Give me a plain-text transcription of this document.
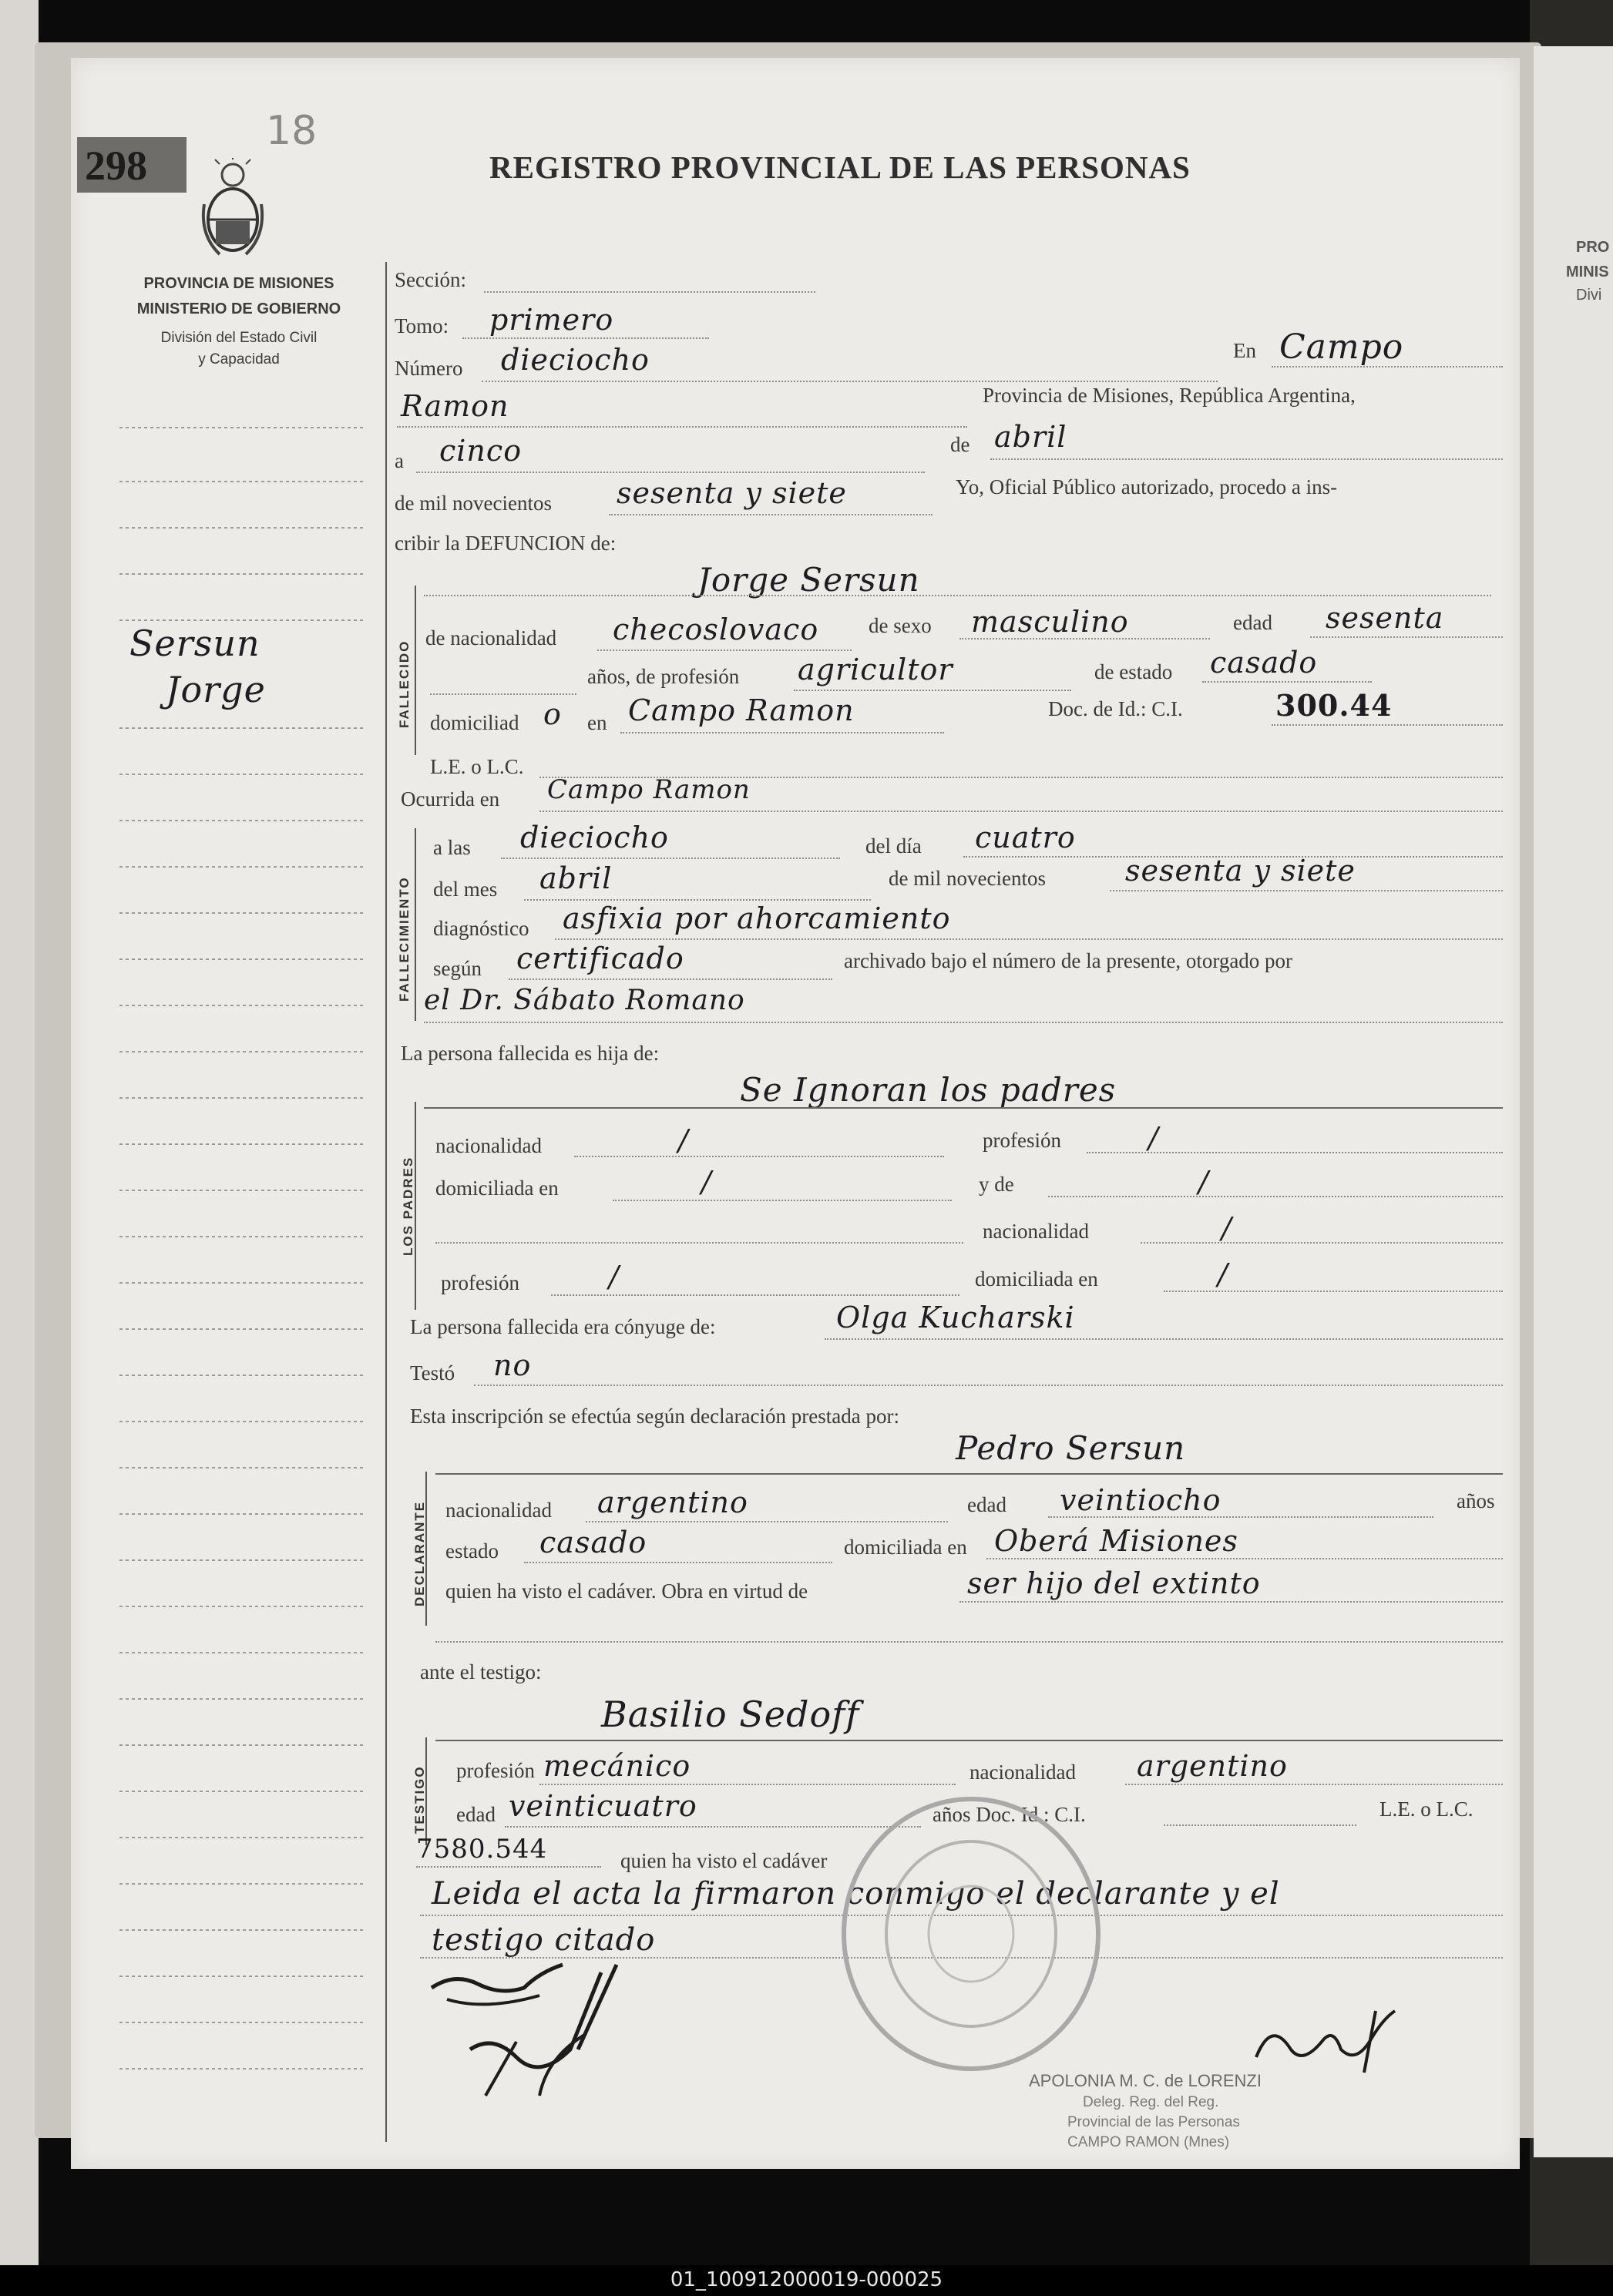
PRO
MINIS
Divi
298
18
REGISTRO PROVINCIAL DE LAS PERSONAS
PROVINCIA DE MISIONES
MINISTERIO DE GOBIERNO
División del Estado Civil
y Capacidad
Sersun
Jorge
Sección:
Tomo: primero
Número dieciocho	En Campo
Ramon	Provincia de Misiones, República Argentina,
a cinco	de abril
de mil novecientos sesenta y siete	Yo, Oficial Público autorizado, procedo a ins-
cribir la DEFUNCION de:
FALLECIDO
Jorge Sersun
de nacionalidad checoslovaco de sexo masculino	edad sesenta
años, de profesión agricultor	de estado casado
domiciliad o en Campo Ramon	Doc. de Id.: C.I.	300.44
L.E. o L.C.
Ocurrida en Campo Ramon
FALLECIMIENTO
a las dieciocho	del día cuatro
del mes abril	de mil novecientos	sesenta y siete
diagnóstico asfixia por ahorcamiento
según certificado	archivado bajo el número de la presente, otorgado por
el Dr. Sábato Romano
La persona fallecida es hija de:
LOS PADRES
Se Ignoran los padres
nacionalidad	/	profesión	/
domiciliada en	/	y de	/
nacionalidad	/
profesión	/	domiciliada en	/
La persona fallecida era cónyuge de:	Olga Kucharski
Testó no
Esta inscripción se efectúa según declaración prestada por:
DECLARANTE
Pedro Sersun
nacionalidad argentino	edad veintiocho	años
estado casado	domiciliada en Oberá Misiones
quien ha visto el cadáver. Obra en virtud de	ser hijo del extinto
ante el testigo:
TESTIGO
Basilio Sedoff
profesión mecánico	nacionalidad argentino
edad veinticuatro	años Doc. Id.: C.I.	L.E. o L.C.
7580.544	quien ha visto el cadáver
Leida el acta la firmaron conmigo el declarante y el
testigo citado
APOLONIA M. C. de LORENZI
Deleg. Reg. del Reg.
Provincial de las Personas
CAMPO RAMON (Mnes)
01_100912000019-000025
